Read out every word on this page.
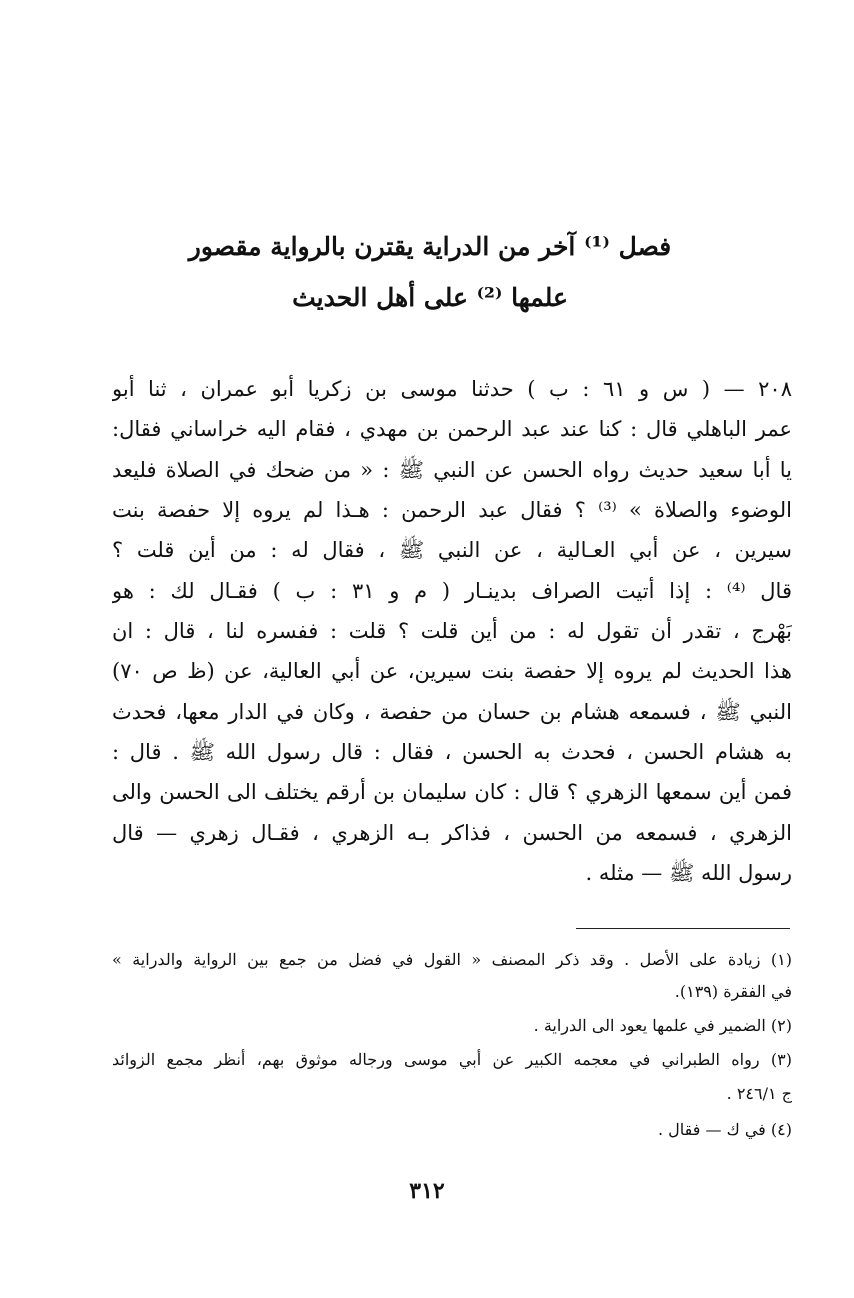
فصل ⁽¹⁾ آخر من الدراية يقترن بالرواية مقصور
علمها ⁽²⁾ على أهل الحديث
٢٠٨ — ( س و ٦١ : ب ) حدثنا موسى بن زكريا أبو عمران ، ثنا أبو
عمر الباهلي قال : كنا عند عبد الرحمن بن مهدي ، فقام اليه خراساني فقال:
يا أبا سعيد حديث رواه الحسن عن النبي ﷺ : « من ضحك في الصلاة فليعد
الوضوء والصلاة » ⁽³⁾ ؟ فقال عبد الرحمن : هـذا لم يروه إلا حفصة بنت
سيرين ، عن أبي العـالية ، عن النبي ﷺ ، فقال له : من أين قلت ؟
قال ⁽⁴⁾ : إذا أتيت الصراف بدينـار ( م و ٣١ : ب ) فقـال لك : هو
بَهْرج ، تقدر أن تقول له : من أين قلت ؟ قلت : ففسره لنا ، قال : ان
هذا الحديث لم يروه إلا حفصة بنت سيرين، عن أبي العالية، عن (ظ ص ٧٠)
النبي ﷺ ، فسمعه هشام بن حسان من حفصة ، وكان في الدار معها، فحدث
به هشام الحسن ، فحدث به الحسن ، فقال : قال رسول الله ﷺ . قال :
فمن أين سمعها الزهري ؟ قال : كان سليمان بن أرقم يختلف الى الحسن والى
الزهري ، فسمعه من الحسن ، فذاكر بـه الزهري ، فقـال زهري — قال
رسول الله ﷺ — مثله .
(١) زيادة على الأصل . وقد ذكر المصنف « القول في فضل من جمع بين الرواية والدراية »
في الفقرة (١٣٩).
(٢) الضمير في علمها يعود الى الدراية .
(٣) رواه الطبراني في معجمه الكبير عن أبي موسى ورجاله موثوق بهم، أنظر مجمع الزوائد
ج ٢٤٦/١ .
(٤) في ك — فقال .
٣١٢
